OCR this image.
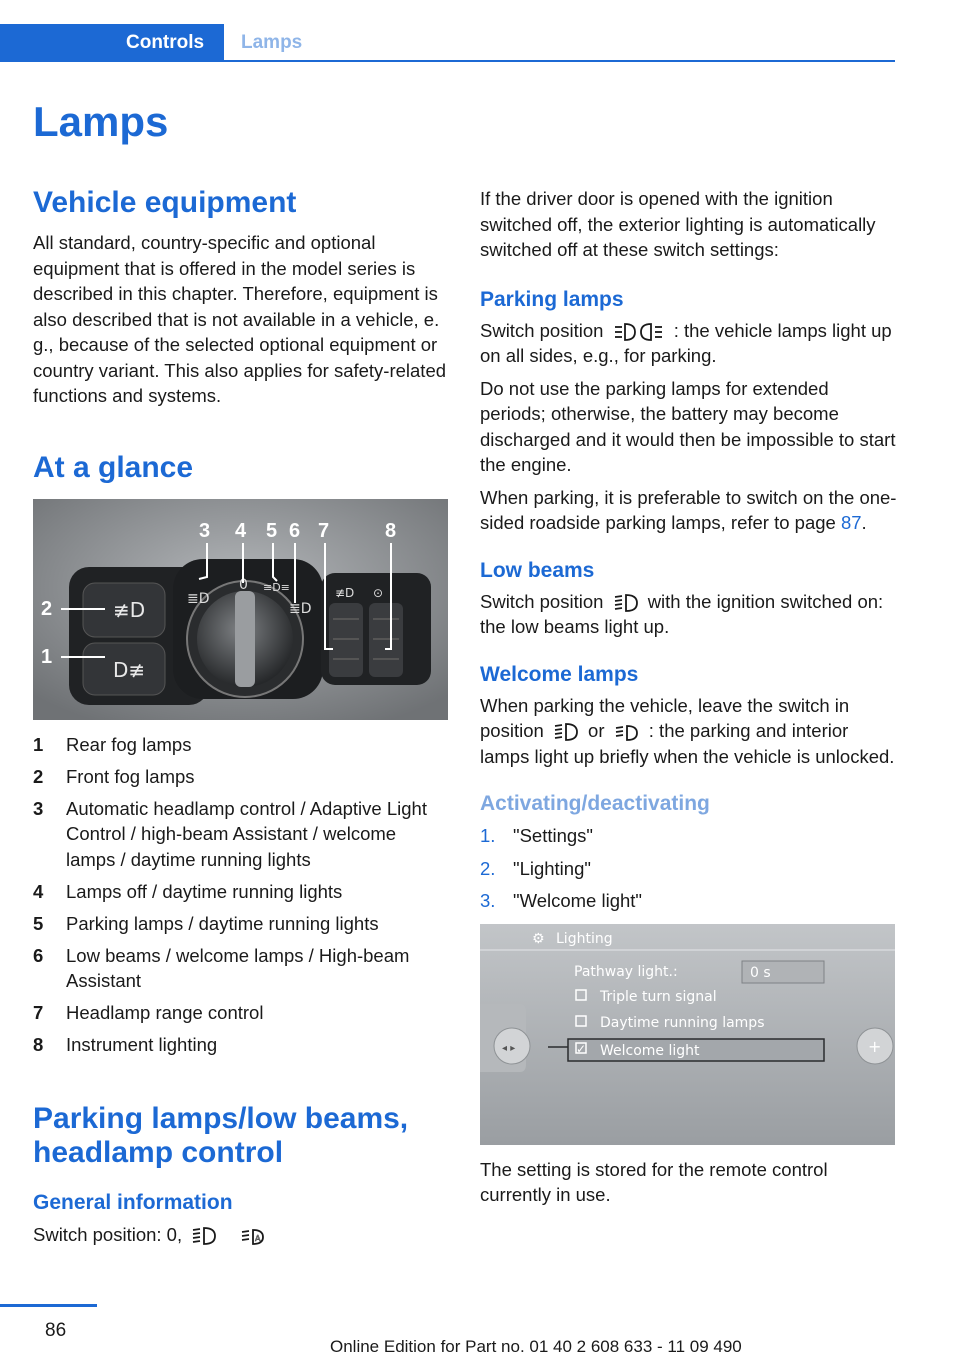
Controls	Lamps
Lamps
Vehicle equipment

All standard, country-specific and optional equipment that is offered in the model series is described in this chapter. Therefore, equipment is also described that is not available in a vehicle, e. g., because of the selected optional equipment or country variant. This also applies for safety-related functions and systems.

At a glance
≢D
D≢
≣D
0 ≡D≡
≣D
≢D ⊙
2
1
3 4 5 6 7	8
1 Rear fog lamps
2 Front fog lamps
3 Automatic headlamp control / Adaptive Light Control / high-beam Assistant / welcome lamps / daytime running lights
4 Lamps off / daytime running lights
5 Parking lamps / daytime running lights
6 Low beams / welcome lamps / High-beam Assistant
7 Headlamp range control
8 Instrument lighting
Parking lamps/low beams, headlamp control
General information

Switch position: 0,	A

If the driver door is opened with the ignition switched off, the exterior lighting is automatically switched off at these switch settings:

Parking lamps

Switch position	: the vehicle lamps light up on all sides, e.g., for parking.

Do not use the parking lamps for extended periods; otherwise, the battery may become discharged and it would then be impossible to start the engine.

When parking, it is preferable to switch on the one-sided roadside parking lamps, refer to page 87.

Low beams

Switch position with the ignition switched on: the low beams light up.

Welcome lamps

When parking the vehicle, leave the switch in position or : the parking and interior lamps light up briefly when the vehicle is unlocked.

Activating/deactivating
1. "Settings"
2. "Lighting"
3. "Welcome light"
⚙ Lighting
◂ ▸	+
Pathway light.:	0 s
Triple turn signal
Daytime running lamps
✓ Welcome light

The setting is stored for the remote control currently in use.

86
Online Edition for Part no. 01 40 2 608 633 - 11 09 490
